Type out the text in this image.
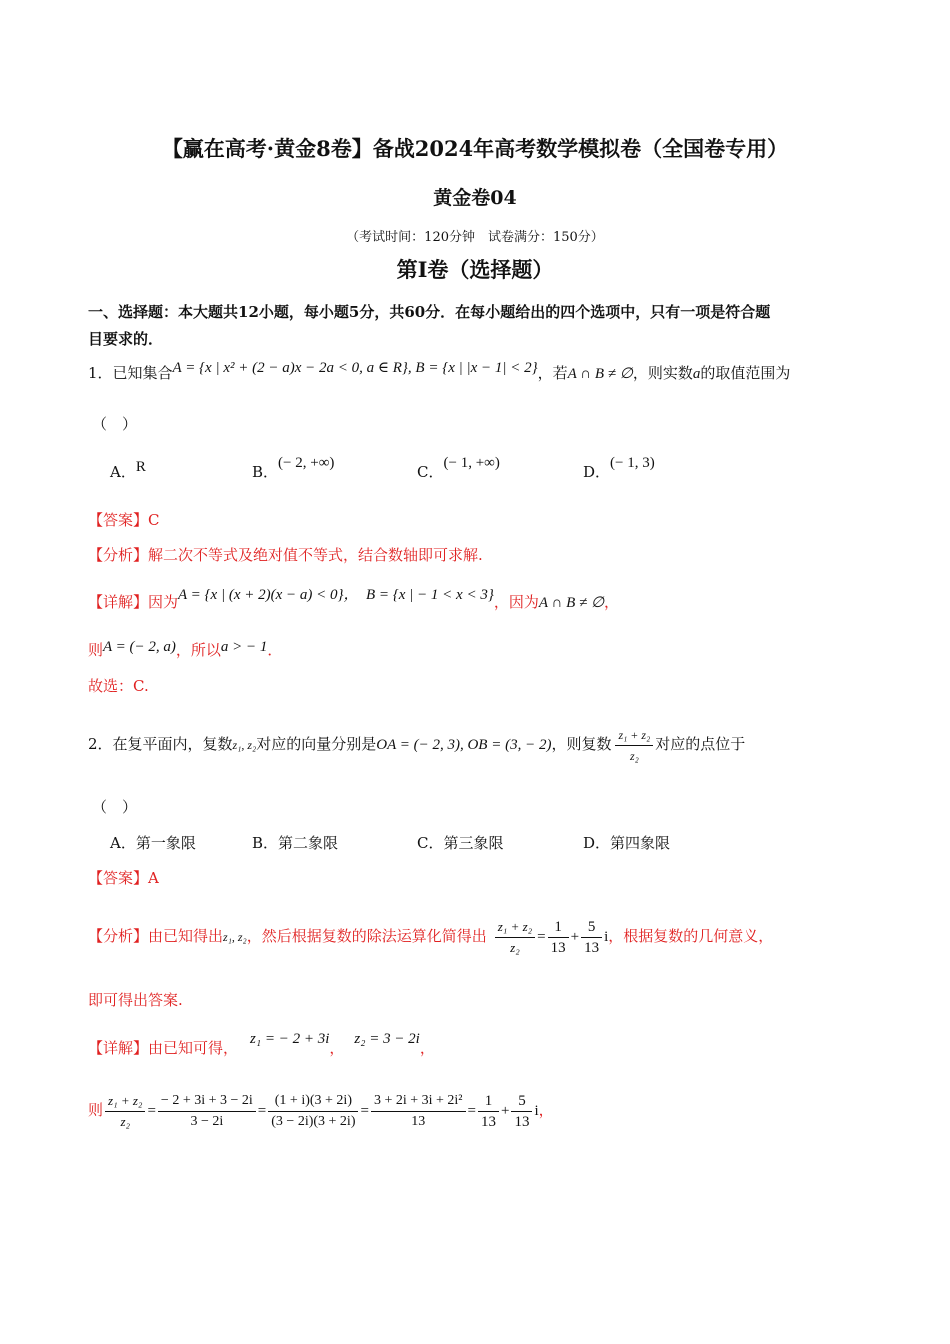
【赢在高考·黄金8卷】备战2024年高考数学模拟卷（全国卷专用）
黄金卷04
（考试时间：120分钟　试卷满分：150分）
第I卷（选择题）
一、选择题：本大题共12小题，每小题5分，共60分．在每小题给出的四个选项中，只有一项是符合题
目要求的．
1．已知集合A = {x | x² + (2 − a)x − 2a < 0, a ∈ R}, B = {x | |x − 1| < 2}，若A ∩ B ≠ ∅，则实数a的取值范围为
（　）
A．R	B．(− 2, +∞)	C．(− 1, +∞)	D．(− 1, 3)
【答案】C
【分析】解二次不等式及绝对值不等式，结合数轴即可求解.
【详解】因为A = {x | (x + 2)(x − a) < 0}，　B = {x | − 1 < x < 3}，因为A ∩ B ≠ ∅，
则A = (− 2, a)，所以a > − 1．
故选：C.
2．在复平面内，复数z₁, z₂对应的向量分别是OA = (− 2, 3), OB = (3, − 2)，则复数 $\frac{\text{z₁ + z₂}}{\text{z₂}}$ 对应的点位于
（　）
A．第一象限	B．第二象限	C．第三象限	D．第四象限
【答案】A
【分析】由已知得出z₁, z₂，然后根据复数的除法运算化简得出 $\frac{\text{z₁ + z₂}}{\text{z₂}} = \frac{1}{13} + \frac{5}{13}$ i，根据复数的几何意义，
即可得出答案.
【详解】由已知可得， z₁ = − 2 + 3i， z₂ = 3 − 2i，
则 $\frac{\text{z₁ + z₂}}{\text{z₂}} = \frac{- 2 + 3i + 3 - 2i}{3 - 2i} = \frac{(1 + i)(3 + 2i)}{(3 - 2i)(3 + 2i)} = \frac{\text{3 + 2i + 3i + 2i²}}{13} = \frac{1}{13} + \frac{5}{13}$ i，
